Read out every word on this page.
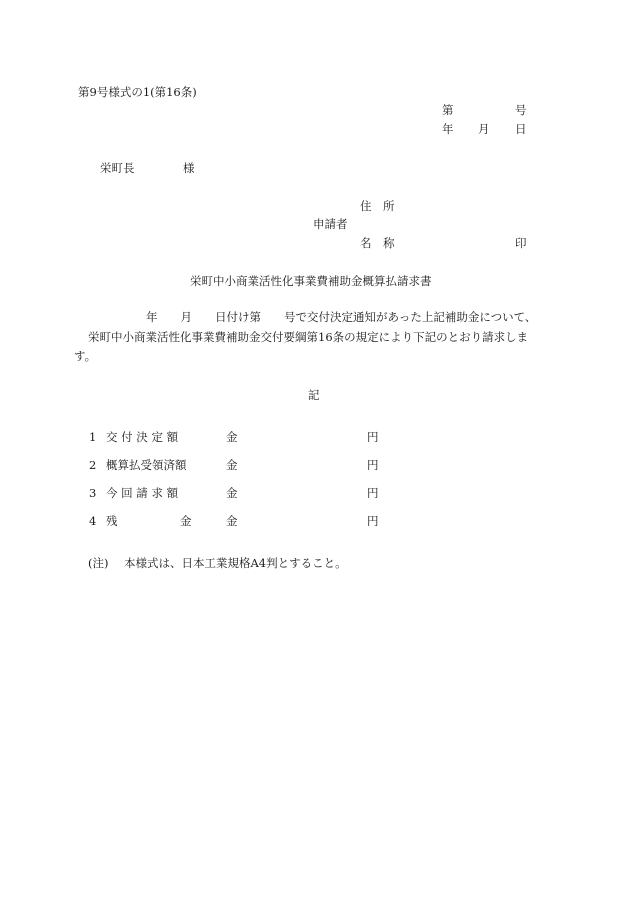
第9号様式の1(第16条)
第	号
年 月 日
栄町長	様
住　所
申請者
名　称	印
栄町中小商業活性化事業費補助金概算払請求書
年 月 日付け第 号で交付決定通知があった上記補助金について、
栄町中小商業活性化事業費補助金交付要綱第16条の規定により下記のとおり請求しま
す。
記
1 交 付 決 定 額	金	円
2 概算払受領済額	金	円
3 今 回 請 求 額	金	円
4 残	金	金	円
(注) 本様式は、日本工業規格A4判とすること。
